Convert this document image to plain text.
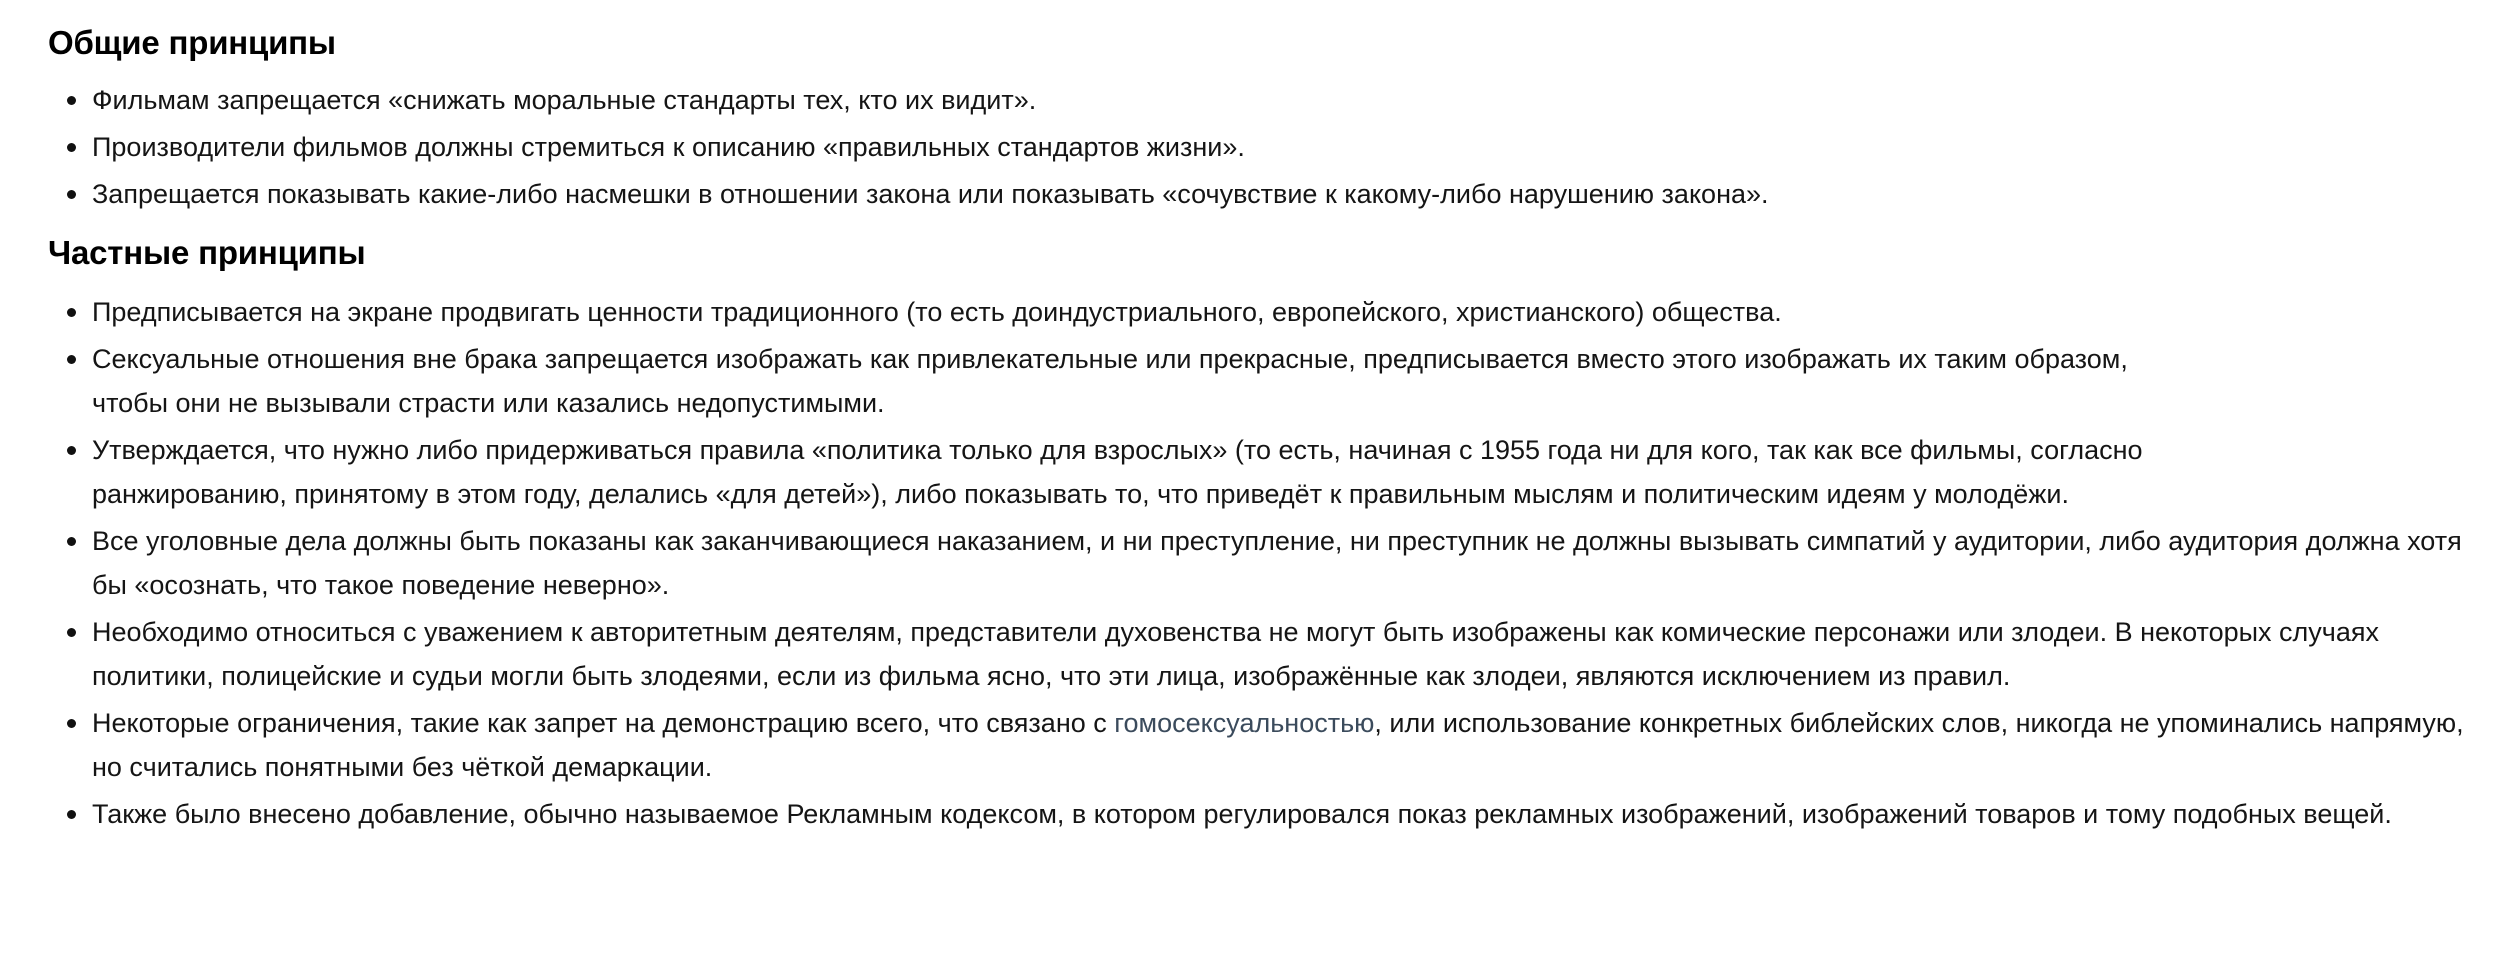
Общие принципы
Фильмам запрещается «снижать моральные стандарты тех, кто их видит».
Производители фильмов должны стремиться к описанию «правильных стандартов жизни».
Запрещается показывать какие-либо насмешки в отношении закона или показывать «сочувствие к какому-либо нарушению закона».
Частные принципы
Предписывается на экране продвигать ценности традиционного (то есть доиндустриального, европейского, христианского) общества.
Сексуальные отношения вне брака запрещается изображать как привлекательные или прекрасные, предписывается вместо этого изображать их таким образом, чтобы они не вызывали страсти или казались недопустимыми.
Утверждается, что нужно либо придерживаться правила «политика только для взрослых» (то есть, начиная с 1955 года ни для кого, так как все фильмы, согласно ранжированию, принятому в этом году, делались «для детей»), либо показывать то, что приведёт к правильным мыслям и политическим идеям у молодёжи.
Все уголовные дела должны быть показаны как заканчивающиеся наказанием, и ни преступление, ни преступник не должны вызывать симпатий у аудитории, либо аудитория должна хотя бы «осознать, что такое поведение неверно».
Необходимо относиться с уважением к авторитетным деятелям, представители духовенства не могут быть изображены как комические персонажи или злодеи. В некоторых случаях политики, полицейские и судьи могли быть злодеями, если из фильма ясно, что эти лица, изображённые как злодеи, являются исключением из правил.
Некоторые ограничения, такие как запрет на демонстрацию всего, что связано с гомосексуальностью, или использование конкретных библейских слов, никогда не упоминались напрямую, но считались понятными без чёткой демаркации.
Также было внесено добавление, обычно называемое Рекламным кодексом, в котором регулировался показ рекламных изображений, изображений товаров и тому подобных вещей.
